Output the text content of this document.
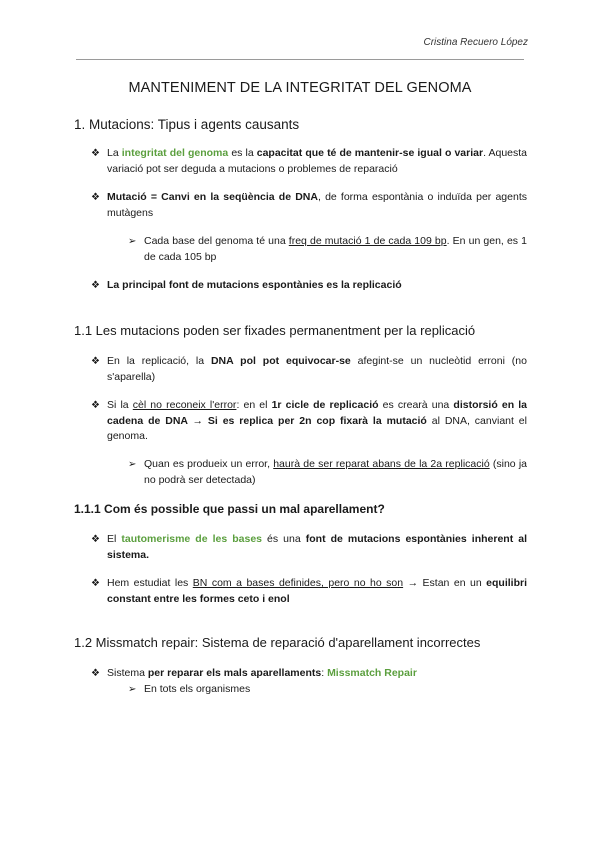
Cristina Recuero López
MANTENIMENT DE LA INTEGRITAT DEL GENOMA
1. Mutacions: Tipus i agents causants
❖ La integritat del genoma es la capacitat que té de mantenir-se igual o variar. Aquesta variació pot ser deguda a mutacions o problemes de reparació
❖ Mutació = Canvi en la seqüència de DNA, de forma espontània o induïda per agents mutàgens
➢ Cada base del genoma té una freq de mutació 1 de cada 109 bp. En un gen, es 1 de cada 105 bp
❖ La principal font de mutacions espontànies es la replicació
1.1 Les mutacions poden ser fixades permanentment per la replicació
❖ En la replicació, la DNA pol pot equivocar-se afegint-se un nucleòtid erroni (no s'aparella)
❖ Si la cèl no reconeix l'error: en el 1r cicle de replicació es crearà una distorsió en la cadena de DNA → Si es replica per 2n cop fixarà la mutació al DNA, canviant el genoma.
➢ Quan es produeix un error, haurà de ser reparat abans de la 2a replicació (sino ja no podrà ser detectada)
1.1.1 Com és possible que passi un mal aparellament?
❖ El tautomerisme de les bases és una font de mutacions espontànies inherent al sistema.
❖ Hem estudiat les BN com a bases definides, pero no ho son → Estan en un equilibri constant entre les formes ceto i enol
1.2 Missmatch repair: Sistema de reparació d'aparellament incorrectes
❖ Sistema per reparar els mals aparellaments: Missmatch Repair
➢ En tots els organismes
